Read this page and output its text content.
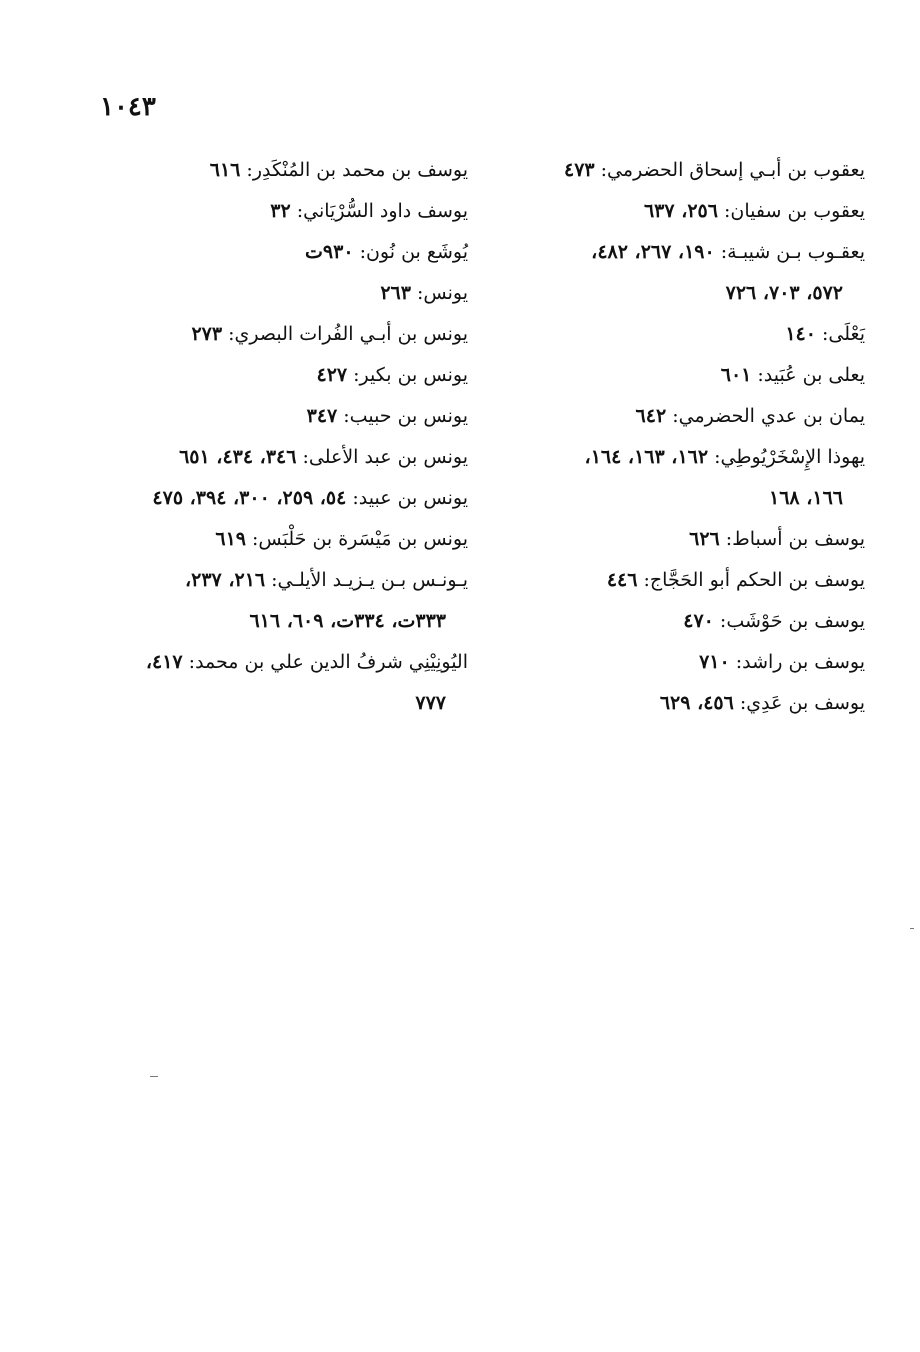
١٠٤٣

يعقوب بن أبـي إسحاق الحضرمي: ٤٧٣

يعقوب بن سفيان: ٢٥٦، ٦٣٧

يعقـوب بـن شيبـة: ١٩٠، ٢٦٧، ٤٨٢،
٥٧٢، ٧٠٣، ٧٢٦

يَعْلَى: ١٤٠

يعلى بن عُبَيد: ٦٠١

يمان بن عدي الحضرمي: ٦٤٢

يهوذا الإِسْخَرْيُوطِي: ١٦٢، ١٦٣، ١٦٤،
١٦٦، ١٦٨

يوسف بن أسباط: ٦٢٦

يوسف بن الحكم أبو الحَجَّاج: ٤٤٦

يوسف بن حَوْشَب: ٤٧٠

يوسف بن راشد: ٧١٠

يوسف بن عَدِي: ٤٥٦، ٦٢٩

يوسف بن محمد بن المُنْكَدِر: ٦١٦

يوسف داود السُّرْيَاني: ٣٢

يُوشَع بن نُون: ٩٣٠ت

يونس: ٢٦٣

يونس بن أبـي الفُرات البصري: ٢٧٣

يونس بن بكير: ٤٢٧

يونس بن حبيب: ٣٤٧

يونس بن عبد الأعلى: ٣٤٦، ٤٣٤، ٦٥١

يونس بن عبيد: ٥٤، ٢٥٩، ٣٠٠، ٣٩٤، ٤٧٥

يونس بن مَيْسَرة بن حَلْبَس: ٦١٩

يـونـس بـن يـزيـد الأيلـي: ٢١٦، ٢٣٧،
٣٣٣ت، ٣٣٤ت، ٦٠٩، ٦١٦

اليُونِيْنِي شرفُ الدين علي بن محمد: ٤١٧،
٧٧٧
